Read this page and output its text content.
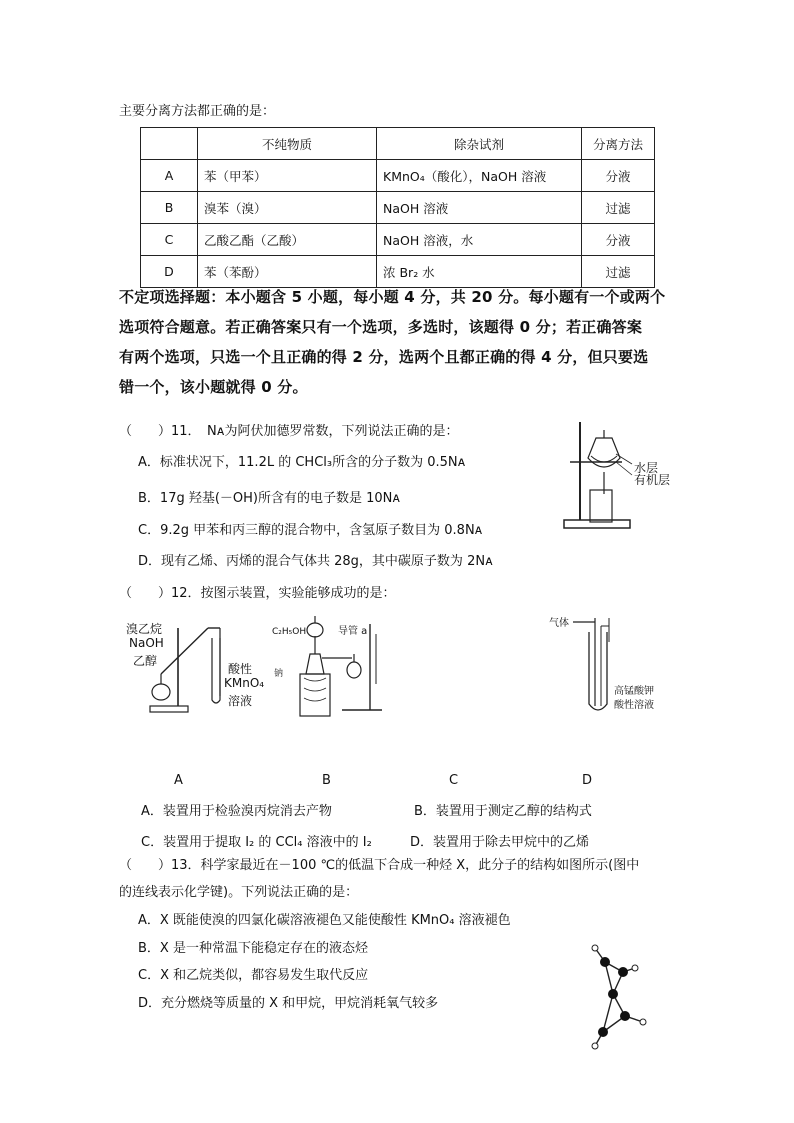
主要分离方法都正确的是：
	不纯物质	除杂试剂	分离方法
A	苯（甲苯）	KMnO₄（酸化），NaOH 溶液	分液
B	溴苯（溴）	NaOH 溶液	过滤
C	乙酸乙酯（乙酸）	NaOH 溶液，水	分液
D	苯（苯酚）	浓 Br₂ 水	过滤
不定项选择题：本小题含 5 小题，每小题 4 分，共 20 分。每小题有一个或两个
选项符合题意。若正确答案只有一个选项，多选时，该题得 0 分；若正确答案
有两个选项，只选一个且正确的得 2 分，选两个且都正确的得 4 分，但只要选
错一个，该小题就得 0 分。
（　　）11．　Nᴀ为阿伏加德罗常数，下列说法正确的是：
A．标准状况下，11.2L 的 CHCl₃所含的分子数为 0.5Nᴀ
B．17g 羟基(－OH)所含有的电子数是 10Nᴀ
C．9.2g 甲苯和丙三醇的混合物中，含氢原子数目为 0.8Nᴀ
D．现有乙烯、丙烯的混合气体共 28g，其中碳原子数为 2Nᴀ
水层
有机层
（　　）12．按图示装置，实验能够成功的是：
溴乙烷
NaOH
乙醇
酸性
KMnO₄
溶液
C₂H₅OH	导管 a
钠
气体
高锰酸钾
酸性溶液
A	B	C	D
A．装置用于检验溴丙烷消去产物	B．装置用于测定乙醇的结构式
C．装置用于提取 I₂ 的 CCl₄ 溶液中的 I₂	D．装置用于除去甲烷中的乙烯
（　　）13．科学家最近在－100 ℃的低温下合成一种烃 X，此分子的结构如图所示(图中
的连线表示化学键)。下列说法正确的是：
A．X 既能使溴的四氯化碳溶液褪色又能使酸性 KMnO₄ 溶液褪色
B．X 是一种常温下能稳定存在的液态烃
C．X 和乙烷类似，都容易发生取代反应
D．充分燃烧等质量的 X 和甲烷，甲烷消耗氧气较多
